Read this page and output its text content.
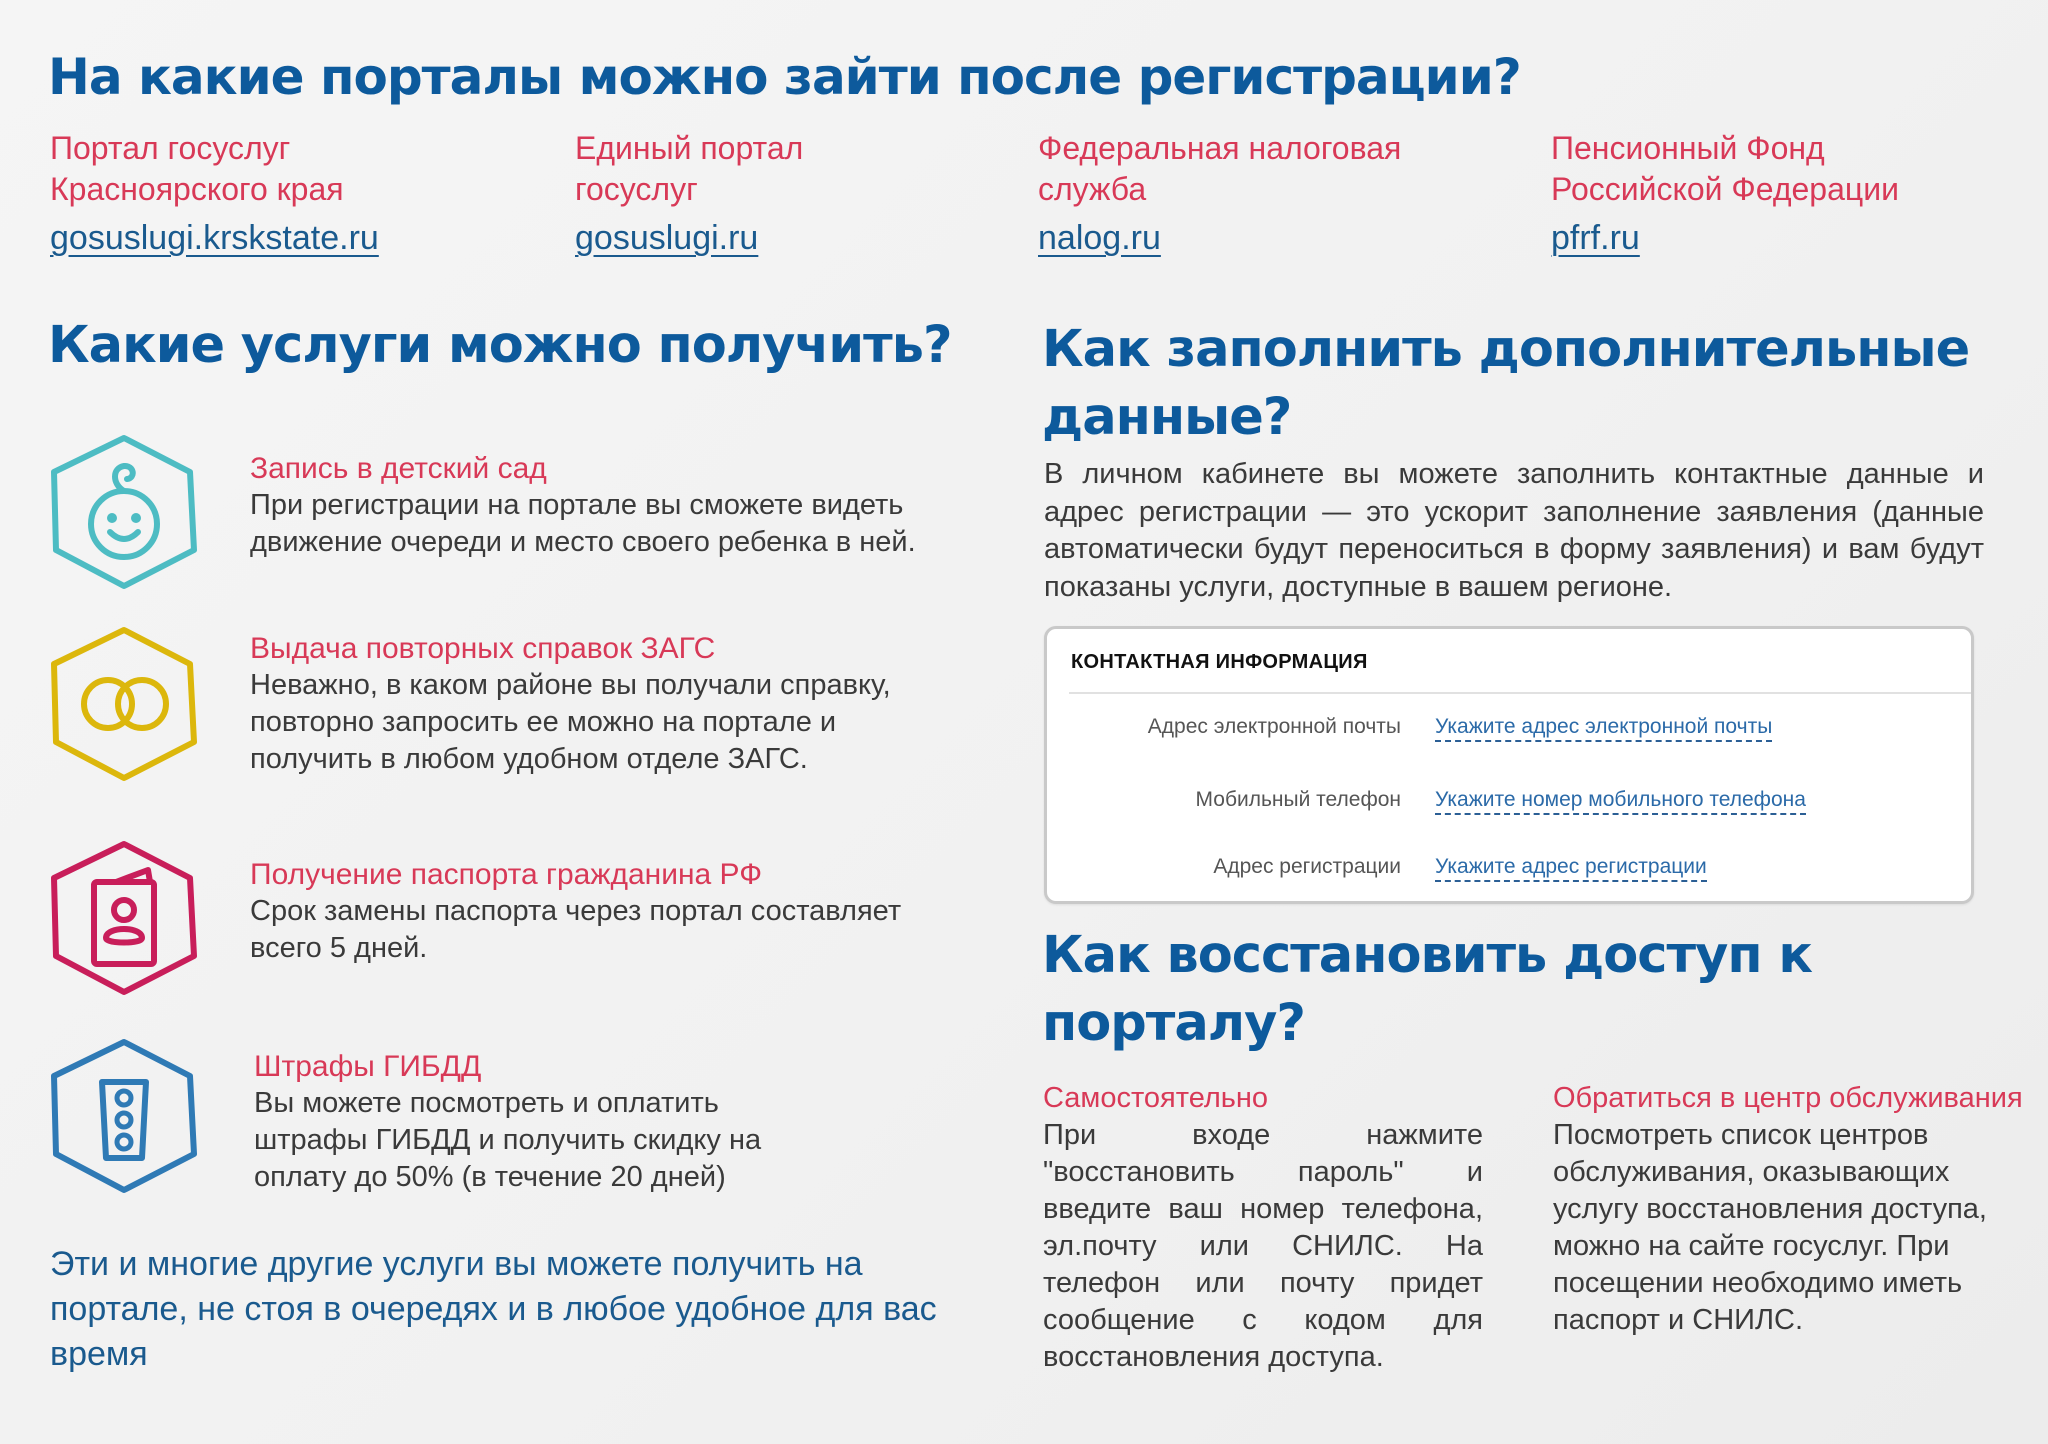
На какие порталы можно зайти после регистрации?
Портал госуслуг
Красноярского края
gosuslugi.krskstate.ru
Единый портал
госуслуг
gosuslugi.ru
Федеральная налоговая
служба
nalog.ru
Пенсионный Фонд
Российской Федерации
pfrf.ru
Какие услуги можно получить?
Запись в детский сад
При регистрации на портале вы сможете видеть движение очереди и место своего ребенка в ней.
Выдача повторных справок ЗАГС
Неважно, в каком районе вы получали справку, повторно запросить ее можно на портале и получить в любом удобном отделе ЗАГС.
Получение паспорта гражданина РФ
Срок замены паспорта через портал составляет всего 5 дней.
Штрафы ГИБДД
Вы можете посмотреть и оплатить штрафы ГИБДД и получить скидку на оплату до 50% (в течение 20 дней)
Эти и многие другие услуги вы можете получить на портале, не стоя в очередях и в любое удобное для вас время
Как заполнить дополнительные данные?

В личном кабинете вы можете заполнить контактные данные и адрес регистрации — это ускорит заполнение заявления (данные автоматически будут переноситься в форму заявления) и вам будут показаны услуги, доступные в вашем регионе.

КОНТАКТНАЯ ИНФОРМАЦИЯ
Адрес электронной почты Укажите адрес электронной почты
Мобильный телефон Укажите номер мобильного телефона
Адрес регистрации Укажите адрес регистрации
Как восстановить доступ к порталу?
Самостоятельно
При входе нажмите "восстановить пароль" и введите ваш номер телефона, эл.почту или СНИЛС. На телефон или почту придет сообщение с кодом для восстановления доступа.
Обратиться в центр обслуживания
Посмотреть список центров обслуживания, оказывающих услугу восстановления доступа, можно на сайте госуслуг. При посещении необходимо иметь паспорт и СНИЛС.
